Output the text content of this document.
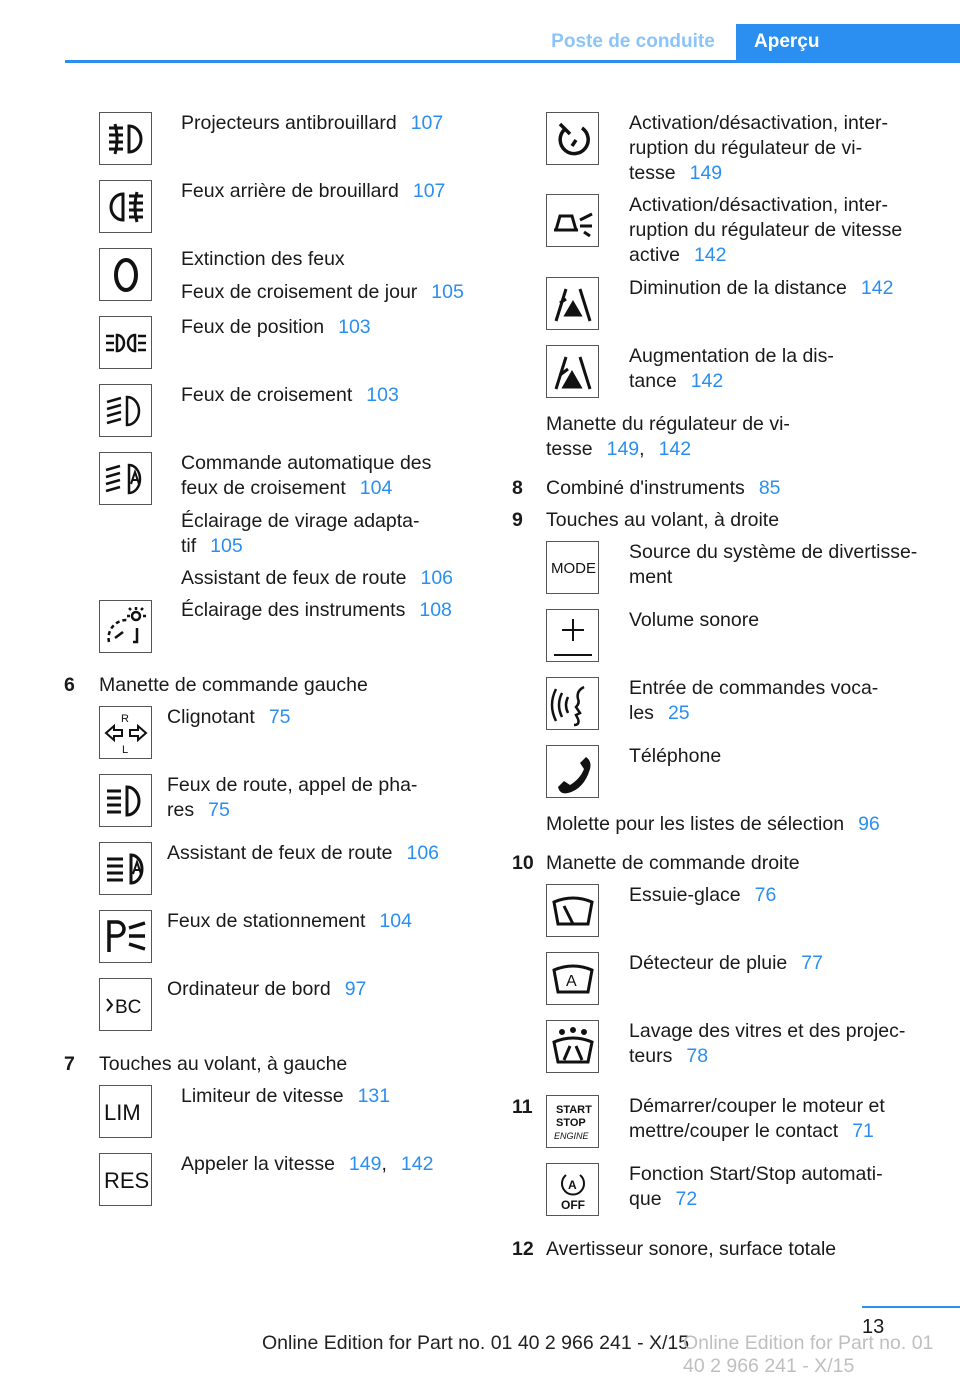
Poste de conduite	Aperçu
Projecteurs antibrouillard 107
Feux arrière de brouillard 107
Extinction des feux
Feux de croisement de jour 105
Feux de position 103
Feux de croisement 103
Commande automatique des
feux de croisement 104
Éclairage de virage adapta-
tif 105
Assistant de feux de route 106
Éclairage des instruments 108
6 Manette de commande gauche
R
L
Clignotant 75
Feux de route, appel de pha-
res 75
Assistant de feux de route 106
Feux de stationnement 104
BC
Ordinateur de bord 97
7 Touches au volant, à gauche
LIM
Limiteur de vitesse 131
RES
Appeler la vitesse 149, 142
Activation/désactivation, inter-
ruption du régulateur de vi-
tesse 149
Activation/désactivation, inter-
ruption du régulateur de vitesse
active 142
Diminution de la distance 142
Augmentation de la dis-
tance 142
Manette du régulateur de vi-
tesse 149, 142
8 Combiné d'instruments 85
9 Touches au volant, à droite
MODE
Source du système de divertisse-
ment
Volume sonore
Entrée de commandes voca-
les 25
Téléphone
Molette pour les listes de sélection 96
10 Manette de commande droite
Essuie-glace 76
A
Détecteur de pluie 77
Lavage des vitres et des projec-
teurs 78
11 START
STOP
ENGINE
Démarrer/couper le moteur et
mettre/couper le contact 71
A
OFF
Fonction Start/Stop automati-
que 72
12 Avertisseur sonore, surface totale
13
Online Edition for Part no. 01 40 2 966 241 - X/15
Online Edition for Part no. 01 40 2 966 241 - X/15
